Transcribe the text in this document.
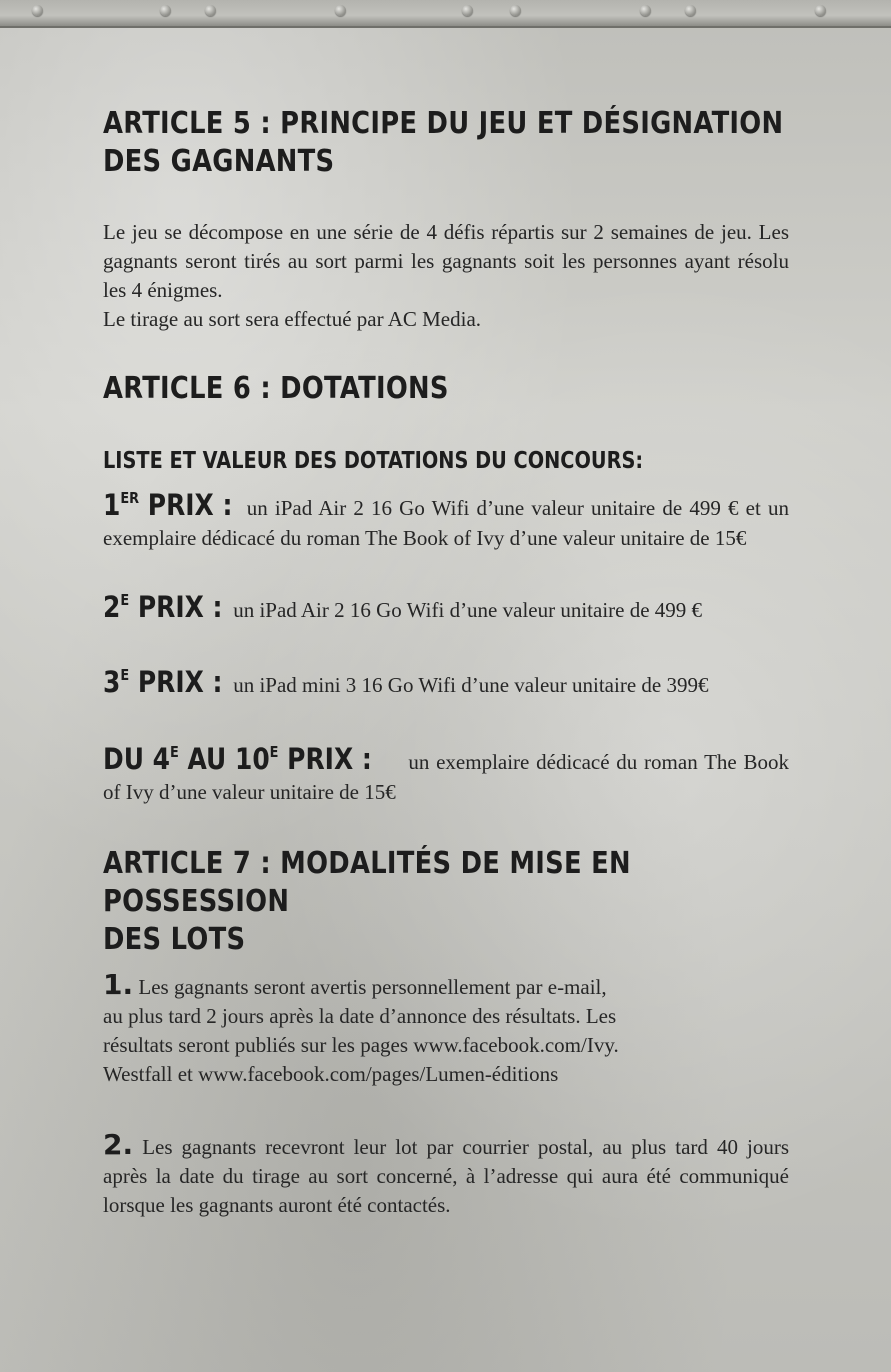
ARTICLE 5 : PRINCIPE DU JEU ET DÉSIGNATION
DES GAGNANTS

Le jeu se décompose en une série de 4 défis répartis sur 2 semaines de jeu. Les gagnants seront tirés au sort parmi les gagnants soit les personnes ayant résolu les 4 énigmes.
Le tirage au sort sera effectué par AC Media.

ARTICLE 6 : DOTATIONS
LISTE ET VALEUR DES DOTATIONS DU CONCOURS:

1ER PRIX : un iPad Air 2 16 Go Wifi d’une valeur unitaire de 499 € et un exemplaire dédicacé du roman The Book of Ivy d’une valeur unitaire de 15€

$2^E$ PRIX : un iPad Air 2 16 Go Wifi d’une valeur unitaire de 499 €

$3^E$ PRIX : un iPad mini 3 16 Go Wifi d’une valeur unitaire de 399€

DU $4^E$ AU $10^E$ PRIX : un exemplaire dédicacé du roman The Book of Ivy d’une valeur unitaire de 15€

ARTICLE 7 : MODALITÉS DE MISE EN POSSESSION
DES LOTS

1. Les gagnants seront avertis personnellement par e-mail,
au plus tard 2 jours après la date d’annonce des résultats. Les
résultats seront publiés sur les pages www.facebook.com/Ivy.
Westfall et www.facebook.com/pages/Lumen-éditions

2. Les gagnants recevront leur lot par courrier postal, au plus tard 40 jours après la date du tirage au sort concerné, à l’adresse qui aura été communiqué lorsque les gagnants auront été contactés.
